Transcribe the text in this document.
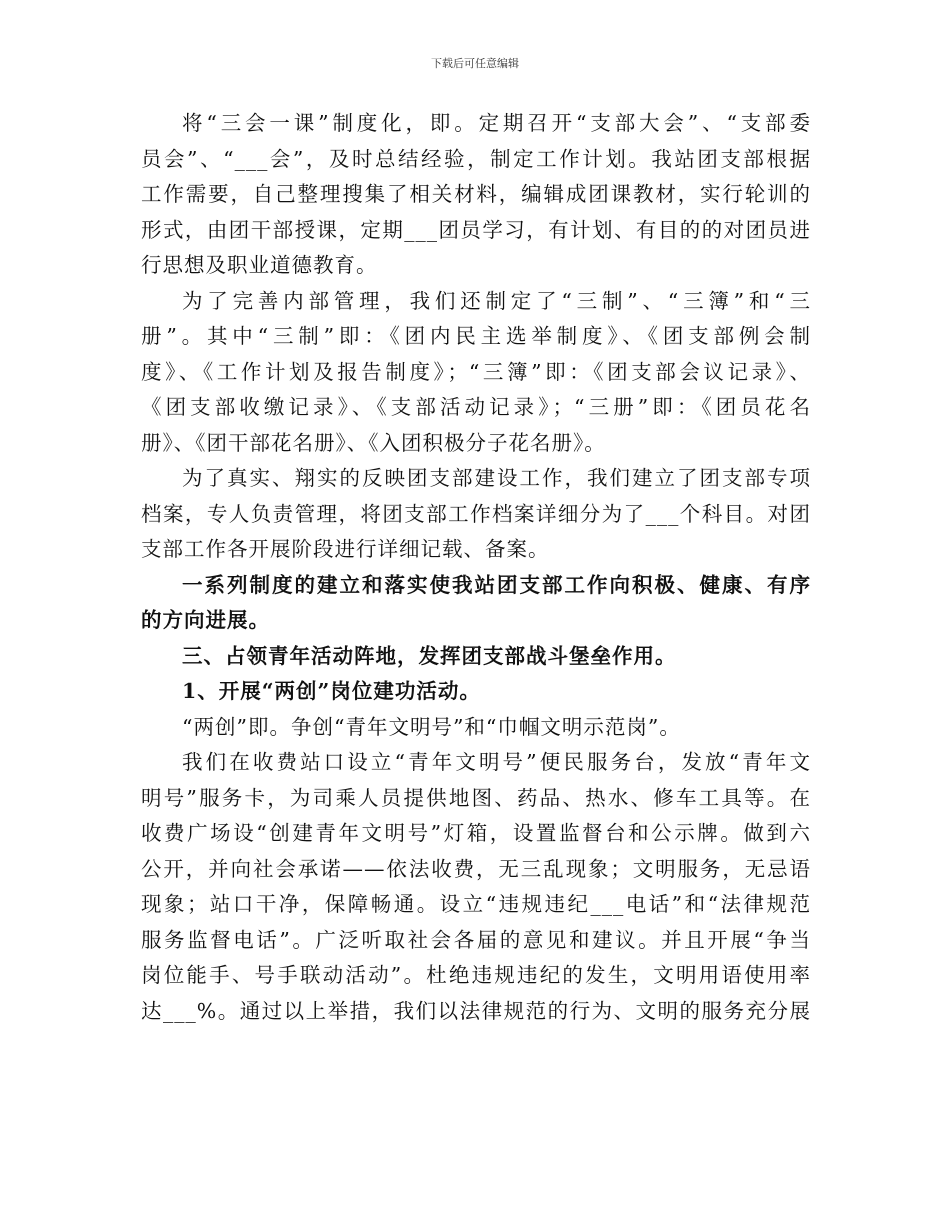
下载后可任意编辑
将“三会一课”制度化，即。定期召开“支部大会”、“支部委
员会”、“___会”，及时总结经验，制定工作计划。我站团支部根据
工作需要，自己整理搜集了相关材料，编辑成团课教材，实行轮训的
形式，由团干部授课，定期___团员学习，有计划、有目的的对团员进
行思想及职业道德教育。
为了完善内部管理，我们还制定了“三制”、“三簿”和“三
册”。其中“三制”即：《团内民主选举制度》、《团支部例会制
度》、《工作计划及报告制度》；“三簿”即：《团支部会议记录》、
《团支部收缴记录》、《支部活动记录》；“三册”即：《团员花名
册》、《团干部花名册》、《入团积极分子花名册》。
为了真实、翔实的反映团支部建设工作，我们建立了团支部专项
档案，专人负责管理，将团支部工作档案详细分为了___个科目。对团
支部工作各开展阶段进行详细记载、备案。
一系列制度的建立和落实使我站团支部工作向积极、健康、有序
的方向进展。
三、占领青年活动阵地，发挥团支部战斗堡垒作用。
1、开展“两创”岗位建功活动。
“两创”即。争创“青年文明号”和“巾帼文明示范岗”。
我们在收费站口设立“青年文明号”便民服务台，发放“青年文
明号”服务卡，为司乘人员提供地图、药品、热水、修车工具等。在
收费广场设“创建青年文明号”灯箱，设置监督台和公示牌。做到六
公开，并向社会承诺——依法收费，无三乱现象；文明服务，无忌语
现象；站口干净，保障畅通。设立“违规违纪___电话”和“法律规范
服务监督电话”。广泛听取社会各届的意见和建议。并且开展“争当
岗位能手、号手联动活动”。杜绝违规违纪的发生，文明用语使用率
达___%。通过以上举措，我们以法律规范的行为、文明的服务充分展
